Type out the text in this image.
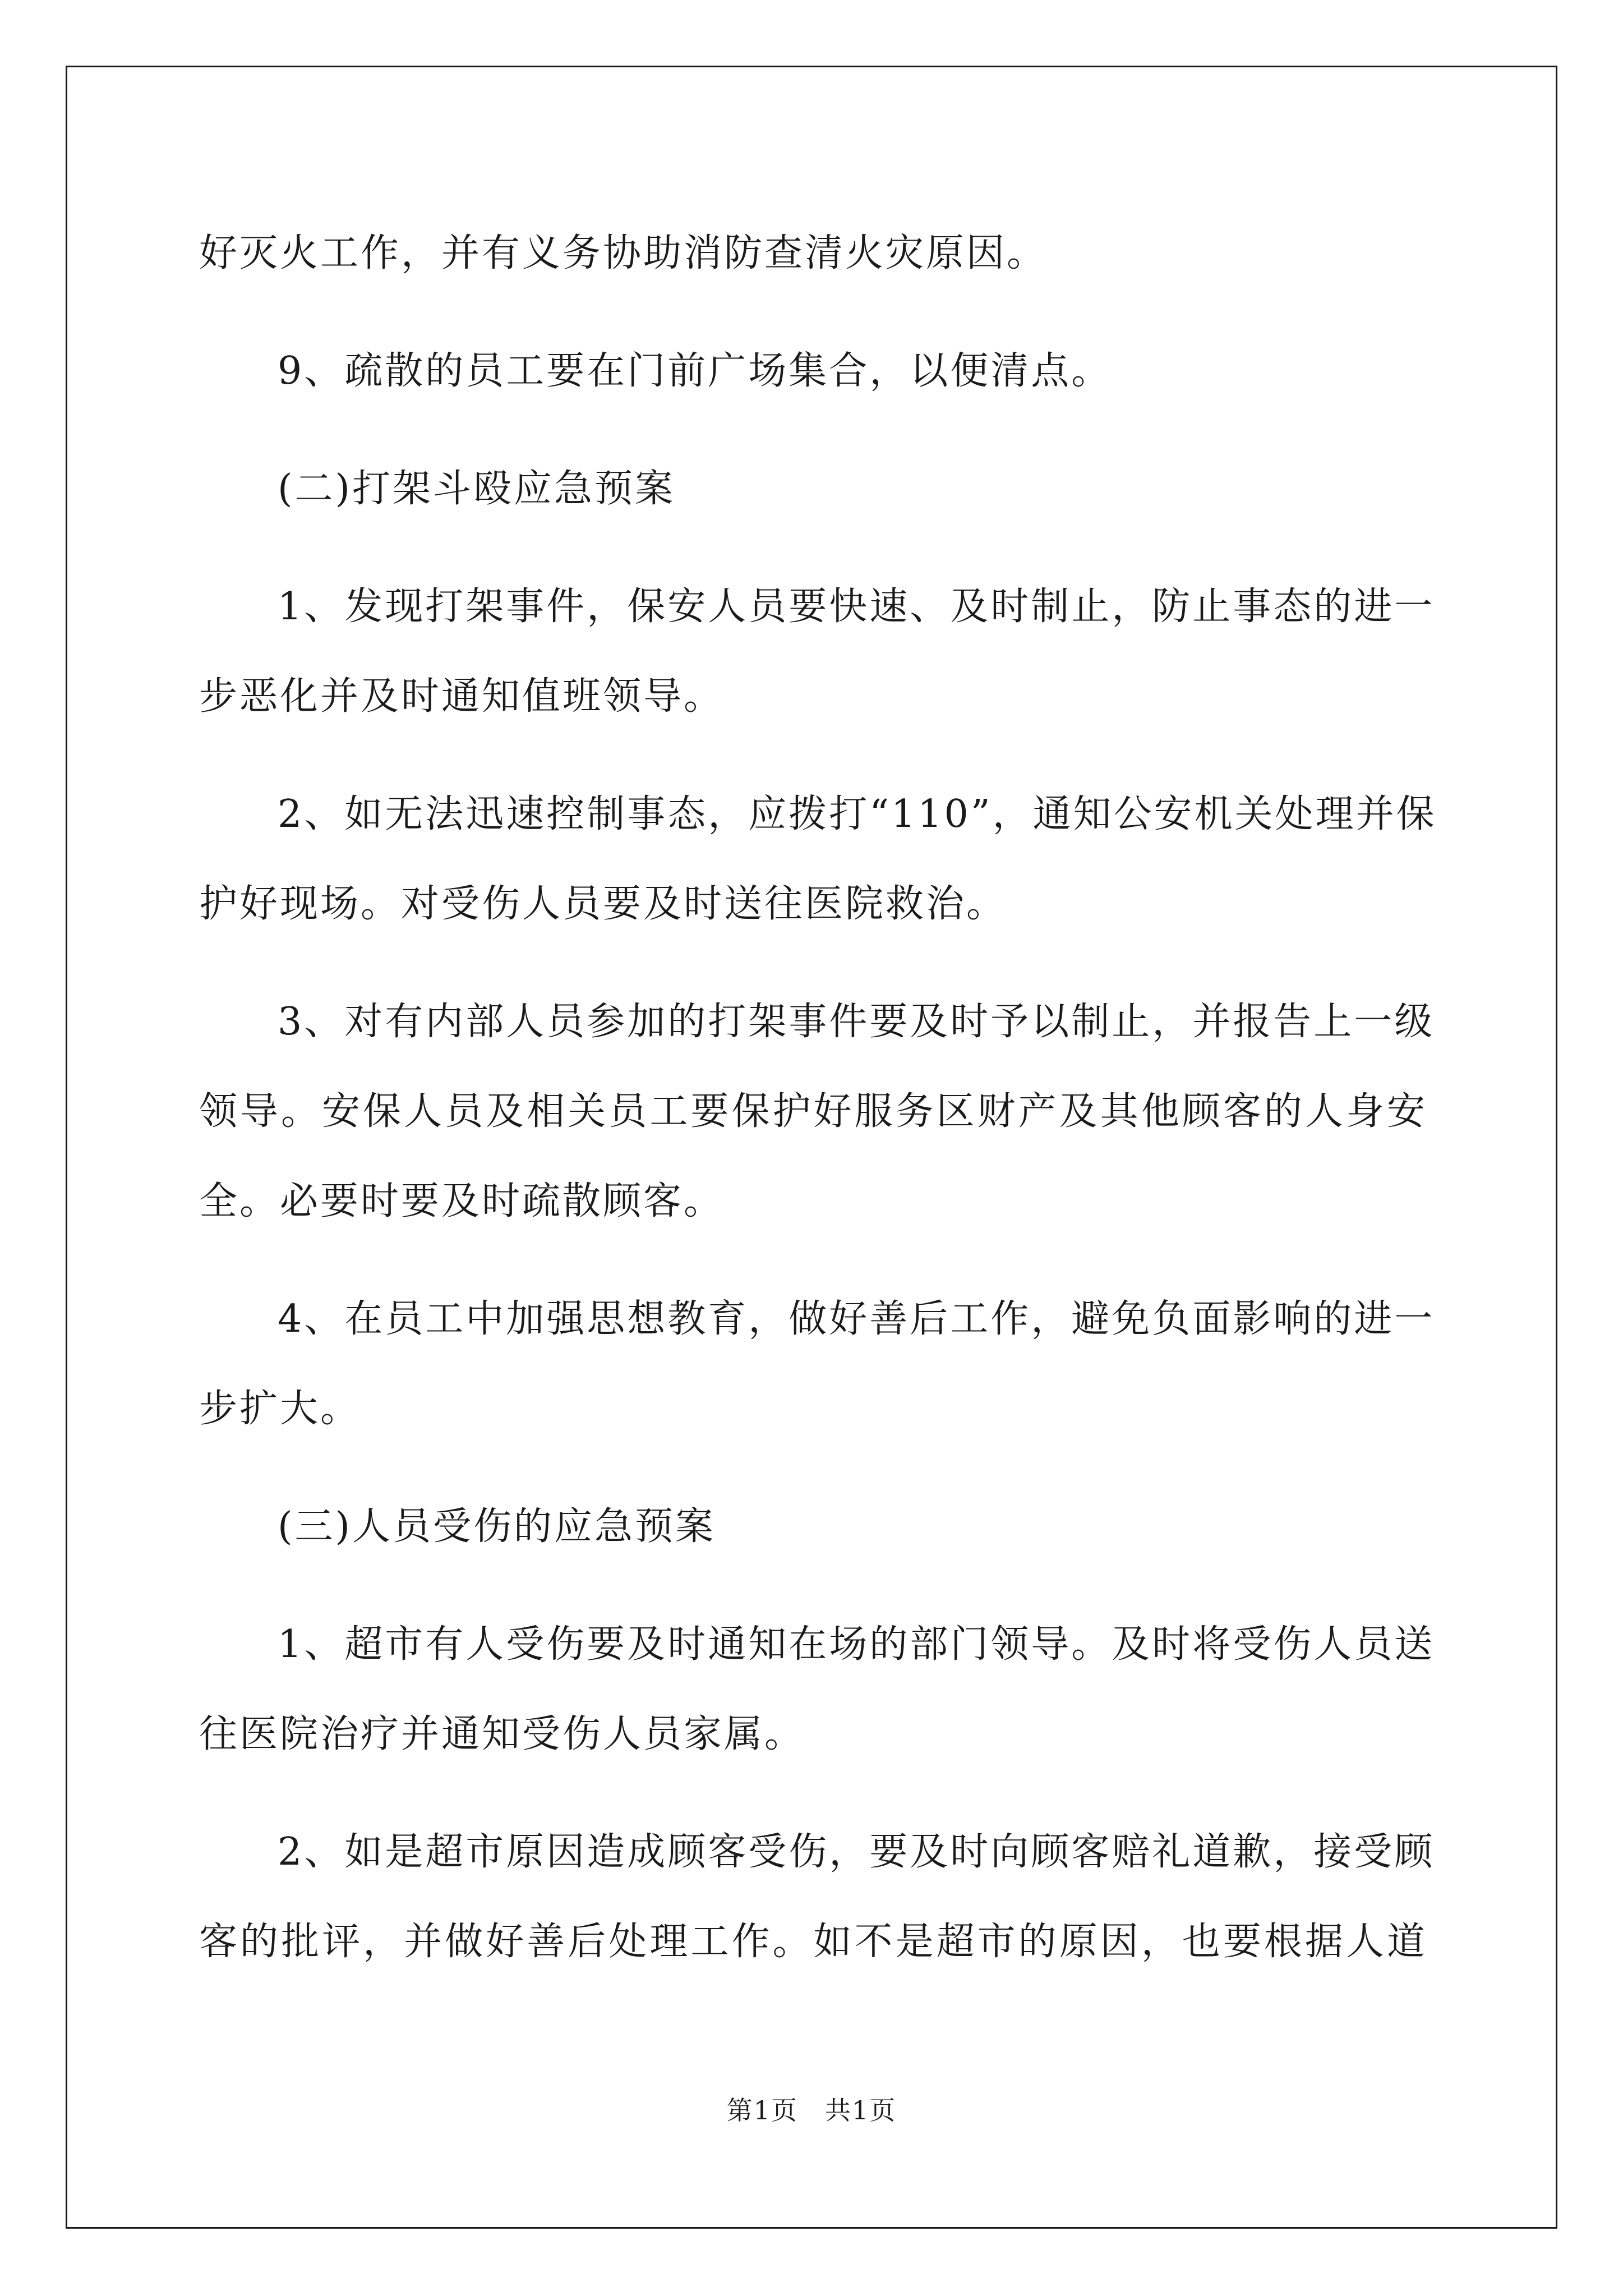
好灭火工作，并有义务协助消防查清火灾原因。
9、疏散的员工要在门前广场集合，以便清点。
(二)打架斗殴应急预案
1、发现打架事件，保安人员要快速、及时制止，防止事态的进一
步恶化并及时通知值班领导。
2、如无法迅速控制事态，应拨打“110”，通知公安机关处理并保
护好现场。对受伤人员要及时送往医院救治。
3、对有内部人员参加的打架事件要及时予以制止，并报告上一级
领导。安保人员及相关员工要保护好服务区财产及其他顾客的人身安
全。必要时要及时疏散顾客。
4、在员工中加强思想教育，做好善后工作，避免负面影响的进一
步扩大。
(三)人员受伤的应急预案
1、超市有人受伤要及时通知在场的部门领导。及时将受伤人员送
往医院治疗并通知受伤人员家属。
2、如是超市原因造成顾客受伤，要及时向顾客赔礼道歉，接受顾
客的批评，并做好善后处理工作。如不是超市的原因，也要根据人道
第1页　共1页
